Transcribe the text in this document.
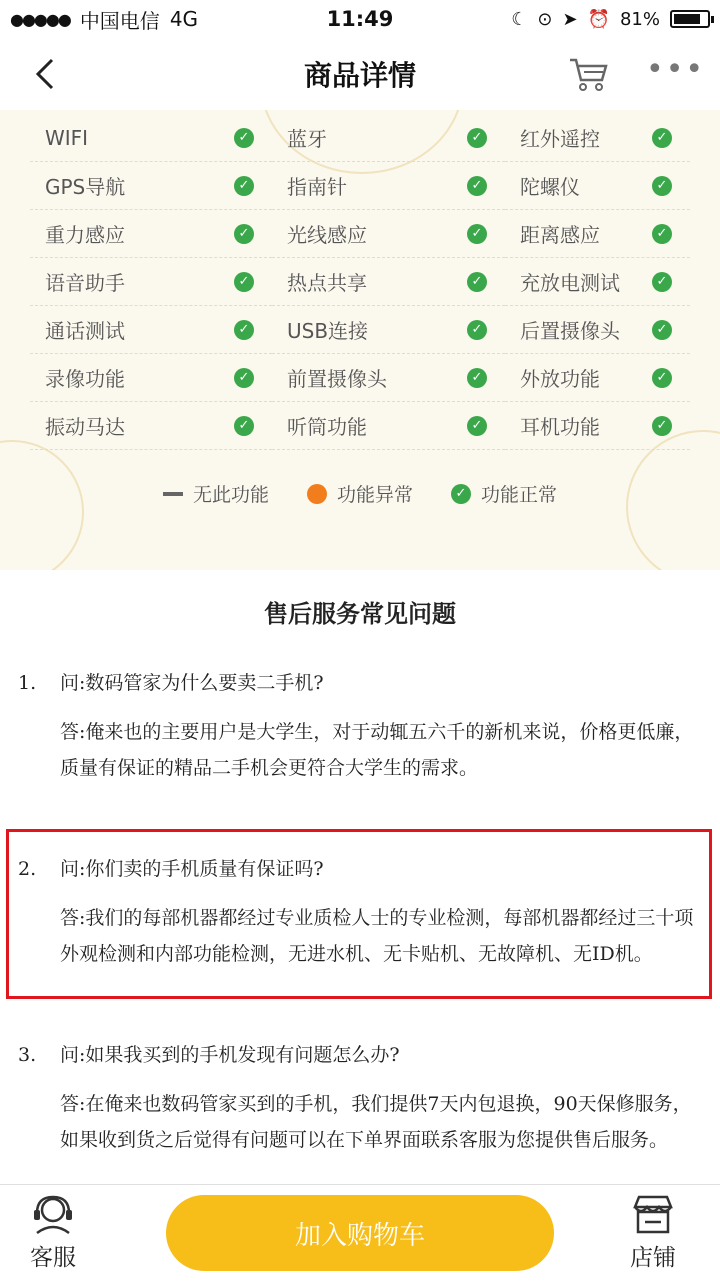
●●●●● 中国电信 4G	11:49	☾ ⊙ ➤ ⏰ 81%
商品详情	•••
WIFI	✓ 蓝牙	✓ 红外遥控	✓
GPS导航	✓ 指南针	✓ 陀螺仪	✓
重力感应	✓ 光线感应	✓ 距离感应	✓
语音助手	✓ 热点共享	✓ 充放电测试	✓
通话测试	✓ USB连接	✓ 后置摄像头	✓
录像功能	✓ 前置摄像头	✓ 外放功能	✓
振动马达	✓ 听筒功能	✓ 耳机功能	✓
无此功能	功能异常	✓ 功能正常
售后服务常见问题
1.	问:数码管家为什么要卖二手机?
答:俺来也的主要用户是大学生，对于动辄五六千的新机来说，价格更低廉，质量有保证的精品二手机会更符合大学生的需求。
2.	问:你们卖的手机质量有保证吗?
答:我们的每部机器都经过专业质检人士的专业检测，每部机器都经过三十项外观检测和内部功能检测，无进水机、无卡贴机、无故障机、无ID机。
3.	问:如果我买到的手机发现有问题怎么办?
答:在俺来也数码管家买到的手机，我们提供7天内包退换，90天保修服务，如果收到货之后觉得有问题可以在下单界面联系客服为您提供售后服务。
客服
加入购物车
店铺
